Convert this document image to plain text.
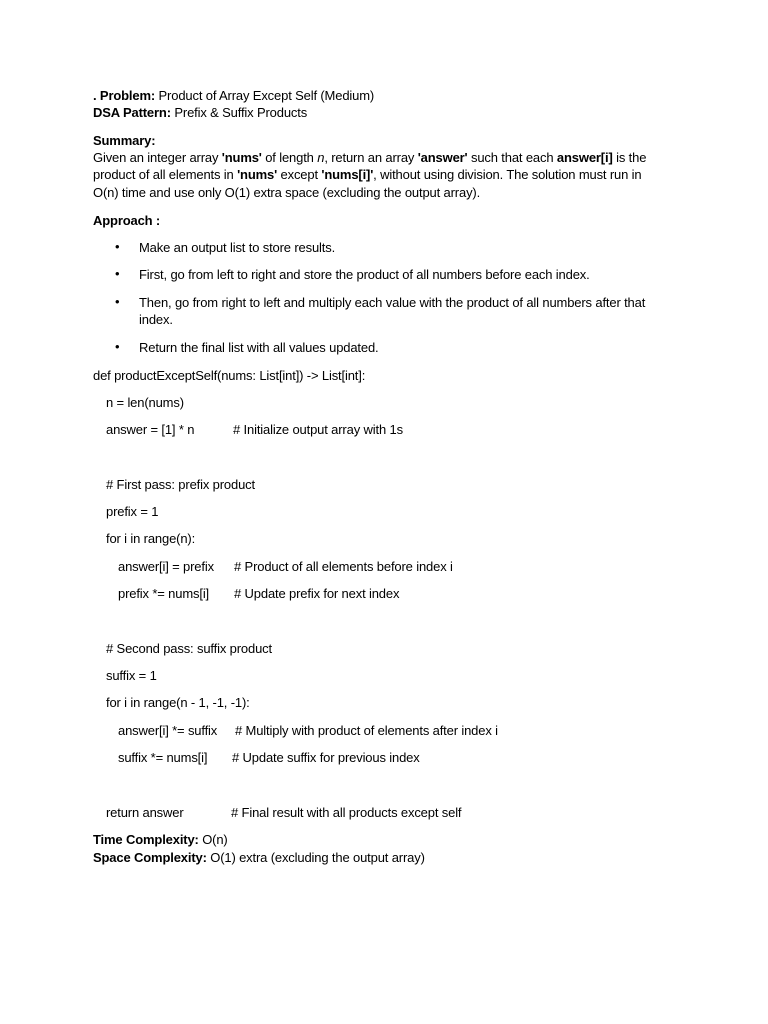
. Problem: Product of Array Except Self (Medium)
DSA Pattern: Prefix & Suffix Products
Summary:
Given an integer array 'nums' of length n, return an array 'answer' such that each answer[i] is the
product of all elements in 'nums' except 'nums[i]', without using division. The solution must run in
O(n) time and use only O(1) extra space (excluding the output array).
Approach :
• Make an output list to store results.
• First, go from left to right and store the product of all numbers before each index.
• Then, go from right to left and multiply each value with the product of all numbers after that
index.
• Return the final list with all values updated.
def productExceptSelf(nums: List[int]) -> List[int]:
n = len(nums)
answer = [1] * n	# Initialize output array with 1s
# First pass: prefix product
prefix = 1
for i in range(n):
answer[i] = prefix # Product of all elements before index i
prefix *= nums[i] # Update prefix for next index
# Second pass: suffix product
suffix = 1
for i in range(n - 1, -1, -1):
answer[i] *= suffix # Multiply with product of elements after index i
suffix *= nums[i] # Update suffix for previous index
return answer	# Final result with all products except self
Time Complexity: O(n)
Space Complexity: O(1) extra (excluding the output array)
